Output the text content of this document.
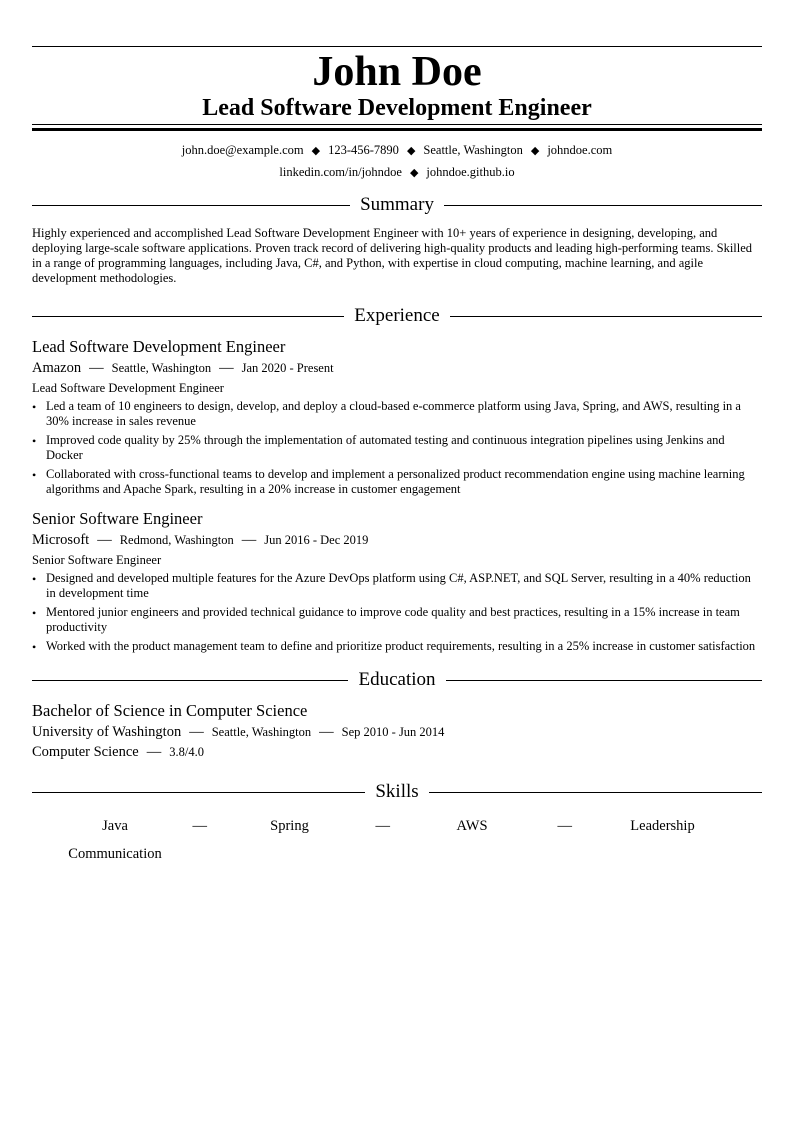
John Doe
Lead Software Development Engineer
john.doe@example.com ◆ 123-456-7890 ◆ Seattle, Washington ◆ johndoe.com
linkedin.com/in/johndoe ◆ johndoe.github.io
Summary
Highly experienced and accomplished Lead Software Development Engineer with 10+ years of experience in designing, developing, and deploying large-scale software applications. Proven track record of delivering high-quality products and leading high-performing teams. Skilled in a range of programming languages, including Java, C#, and Python, with expertise in cloud computing, machine learning, and agile development methodologies.
Experience
Lead Software Development Engineer
Amazon — Seattle, Washington — Jan 2020 - Present
Lead Software Development Engineer
• Led a team of 10 engineers to design, develop, and deploy a cloud-based e-commerce platform using Java, Spring, and AWS, resulting in a 30% increase in sales revenue
• Improved code quality by 25% through the implementation of automated testing and continuous integration pipelines using Jenkins and Docker
• Collaborated with cross-functional teams to develop and implement a personalized product recommendation engine using machine learning algorithms and Apache Spark, resulting in a 20% increase in customer engagement
Senior Software Engineer
Microsoft — Redmond, Washington — Jun 2016 - Dec 2019
Senior Software Engineer
• Designed and developed multiple features for the Azure DevOps platform using C#, ASP.NET, and SQL Server, resulting in a 40% reduction in development time
• Mentored junior engineers and provided technical guidance to improve code quality and best practices, resulting in a 15% increase in team productivity
• Worked with the product management team to define and prioritize product requirements, resulting in a 25% increase in customer satisfaction
Education
Bachelor of Science in Computer Science
University of Washington — Seattle, Washington — Sep 2010 - Jun 2014
Computer Science — 3.8/4.0
Skills
Java	—	Spring	—	AWS	—	Leadership
Communication
